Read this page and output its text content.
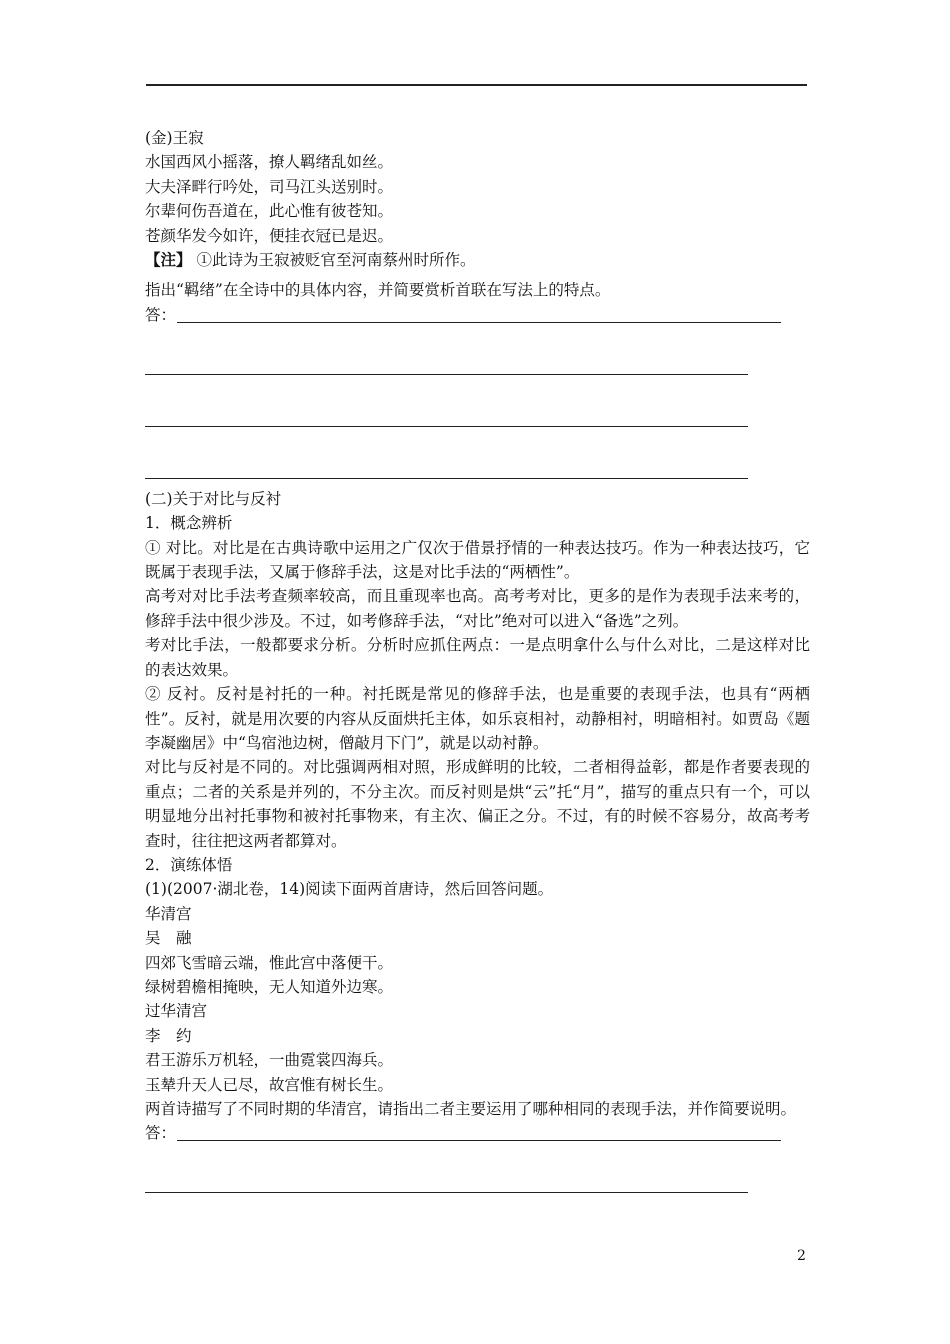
(金)王寂
水国西风小摇落，撩人羁绪乱如丝。
大夫泽畔行吟处，司马江头送别时。
尔辈何伤吾道在，此心惟有彼苍知。
苍颜华发今如许，便挂衣冠已是迟。
【注】 ①此诗为王寂被贬官至河南蔡州时所作。
指出“羁绪”在全诗中的具体内容，并简要赏析首联在写法上的特点。
答：
(二)关于对比与反衬
1．概念辨析
① 对比。对比是在古典诗歌中运用之广仅次于借景抒情的一种表达技巧。作为一种表达技巧，它既属于表现手法，又属于修辞手法，这是对比手法的“两栖性”。
高考对对比手法考查频率较高，而且重现率也高。高考考对比，更多的是作为表现手法来考的，修辞手法中很少涉及。不过，如考修辞手法，“对比”绝对可以进入“备选”之列。
考对比手法，一般都要求分析。分析时应抓住两点：一是点明拿什么与什么对比，二是这样对比的表达效果。
② 反衬。反衬是衬托的一种。衬托既是常见的修辞手法，也是重要的表现手法，也具有“两栖性”。反衬，就是用次要的内容从反面烘托主体，如乐哀相衬，动静相衬，明暗相衬。如贾岛《题李凝幽居》中“鸟宿池边树，僧敲月下门”，就是以动衬静。
对比与反衬是不同的。对比强调两相对照，形成鲜明的比较，二者相得益彰，都是作者要表现的重点；二者的关系是并列的，不分主次。而反衬则是烘“云”托“月”，描写的重点只有一个，可以明显地分出衬托事物和被衬托事物来，有主次、偏正之分。不过，有的时候不容易分，故高考考查时，往往把这两者都算对。
2．演练体悟
(1)(2007·湖北卷，14)阅读下面两首唐诗，然后回答问题。
华清宫
吴　融
四郊飞雪暗云端，惟此宫中落便干。
绿树碧檐相掩映，无人知道外边寒。
过华清宫
李　约
君王游乐万机轻，一曲霓裳四海兵。
玉辇升天人已尽，故宫惟有树长生。
两首诗描写了不同时期的华清宫，请指出二者主要运用了哪种相同的表现手法，并作简要说明。
答：
2
